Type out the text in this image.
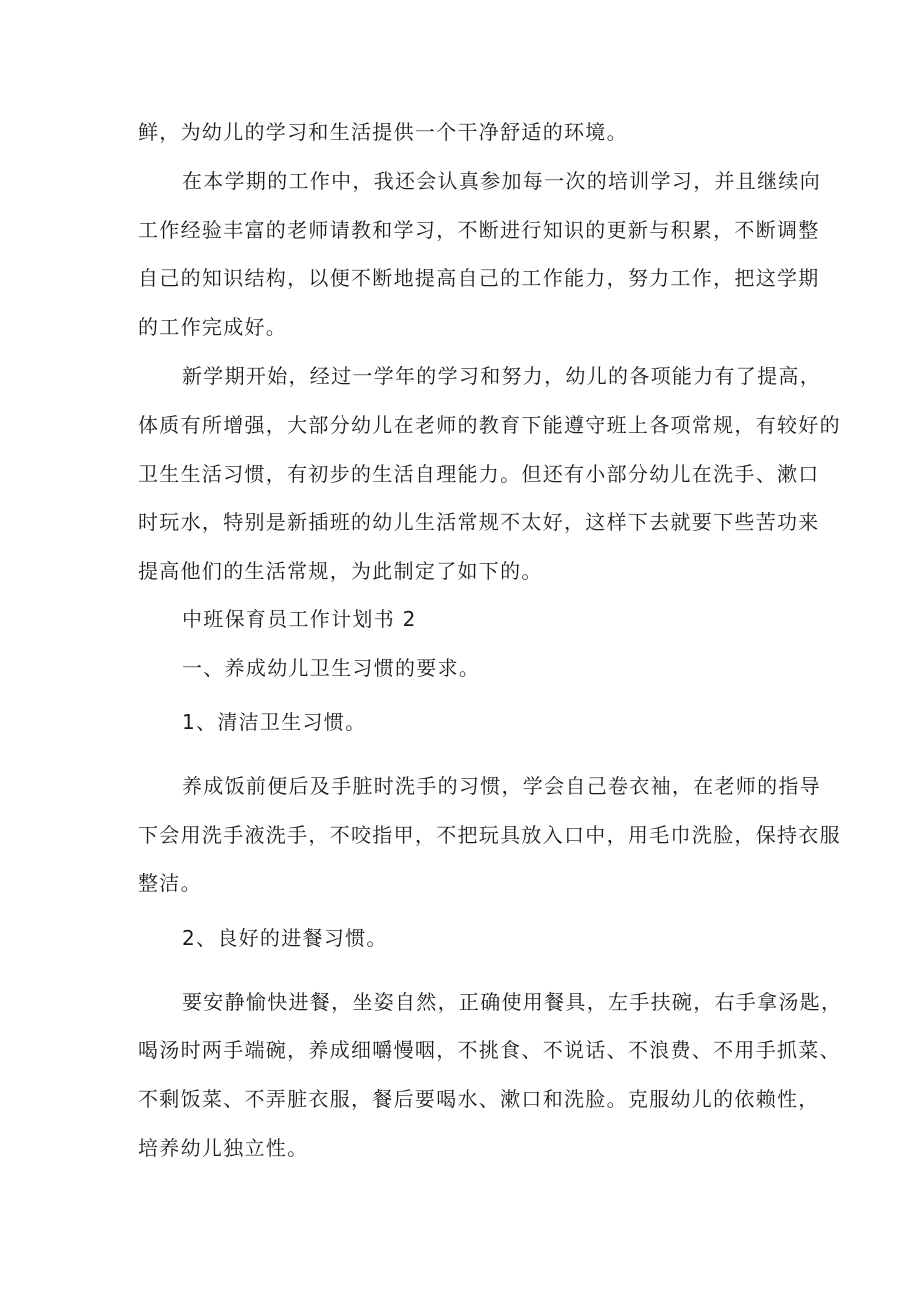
鲜，为幼儿的学习和生活提供一个干净舒适的环境。
在本学期的工作中，我还会认真参加每一次的培训学习，并且继续向
工作经验丰富的老师请教和学习，不断进行知识的更新与积累，不断调整
自己的知识结构，以便不断地提高自己的工作能力，努力工作，把这学期
的工作完成好。
新学期开始，经过一学年的学习和努力，幼儿的各项能力有了提高，
体质有所增强，大部分幼儿在老师的教育下能遵守班上各项常规，有较好的
卫生生活习惯，有初步的生活自理能力。但还有小部分幼儿在洗手、漱口
时玩水，特别是新插班的幼儿生活常规不太好，这样下去就要下些苦功来
提高他们的生活常规，为此制定了如下的。
中班保育员工作计划书 2
一、养成幼儿卫生习惯的要求。
1、清洁卫生习惯。
养成饭前便后及手脏时洗手的习惯，学会自己卷衣袖，在老师的指导
下会用洗手液洗手，不咬指甲，不把玩具放入口中，用毛巾洗脸，保持衣服
整洁。
2、良好的进餐习惯。
要安静愉快进餐，坐姿自然，正确使用餐具，左手扶碗，右手拿汤匙，
喝汤时两手端碗，养成细嚼慢咽，不挑食、不说话、不浪费、不用手抓菜、
不剩饭菜、不弄脏衣服，餐后要喝水、漱口和洗脸。克服幼儿的依赖性，
培养幼儿独立性。
